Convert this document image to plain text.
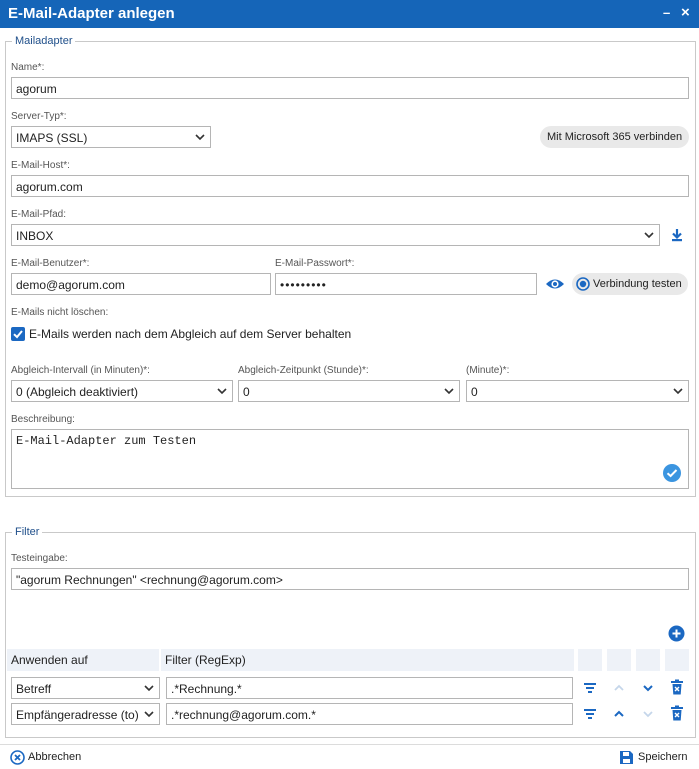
E-Mail-Adapter anlegen	– ×
Mailadapter
Name*:
agorum
Server-Typ*:
IMAPS (SSL)	Mit Microsoft 365 verbinden
E-Mail-Host*:
agorum.com
E-Mail-Pfad:
INBOX
E-Mail-Benutzer*:
demo@agorum.com
E-Mail-Passwort*:
•••••••••	Verbindung testen
E-Mails nicht löschen:
E-Mails werden nach dem Abgleich auf dem Server behalten
Abgleich-Intervall (in Minuten)*:
0 (Abgleich deaktiviert)
Abgleich-Zeitpunkt (Stunde)*:
0
(Minute)*:
0
Beschreibung:
E-Mail-Adapter zum Testen
Filter
Testeingabe:
"agorum Rechnungen" <rechnung@agorum.com>
Anwenden auf	Filter (RegExp)
Betreff	.*Rechnung.*
Empfängeradresse (to)	.*rechnung@agorum.com.*
Abbrechen	Speichern
